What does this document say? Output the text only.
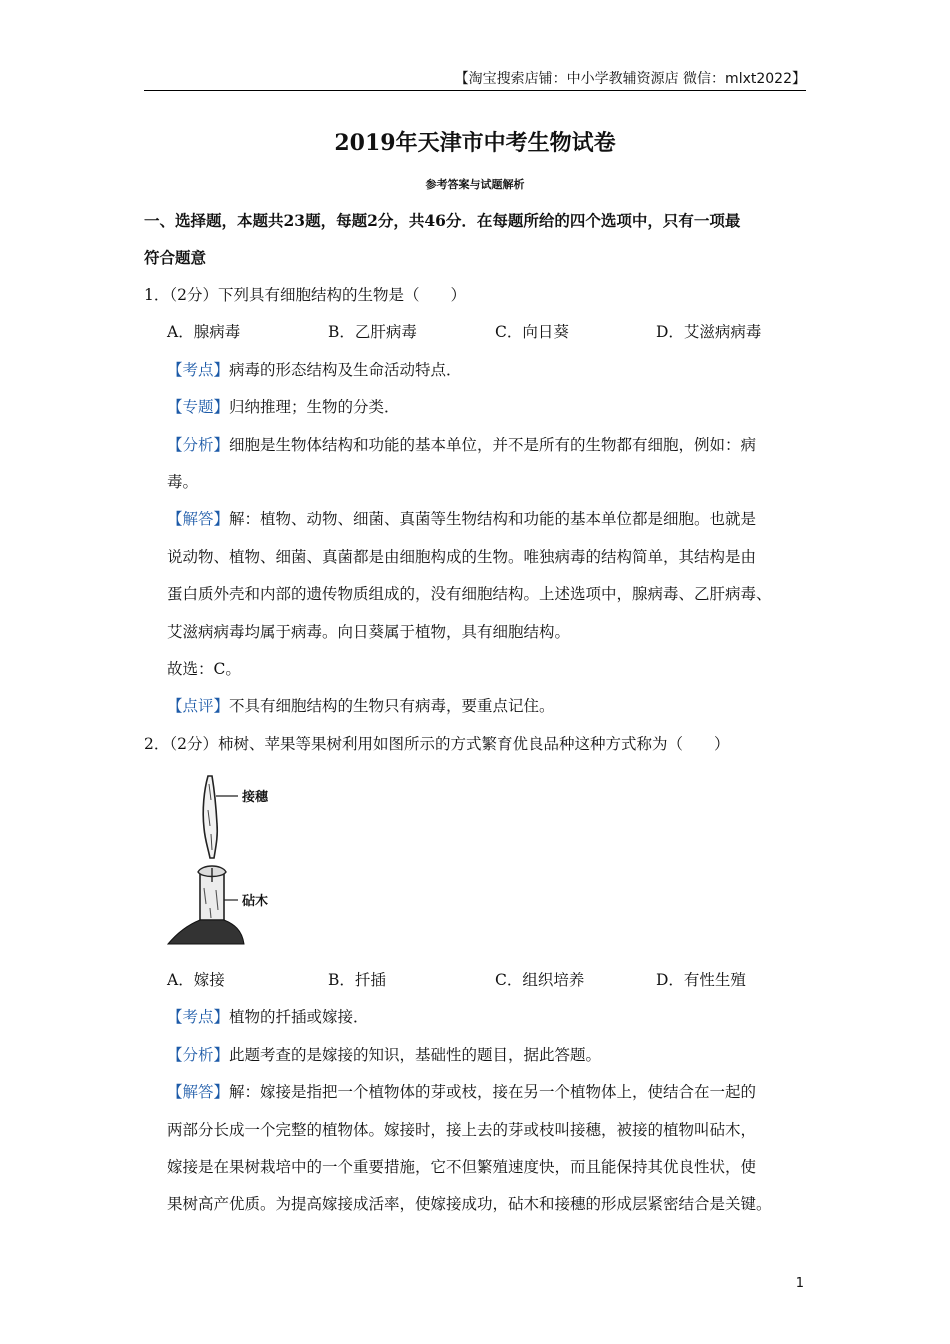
【淘宝搜索店铺：中小学教辅资源店 微信：mlxt2022】
2019年天津市中考生物试卷
参考答案与试题解析
一、选择题，本题共23题，每题2分，共46分．在每题所给的四个选项中，只有一项最
符合题意
1．（2分）下列具有细胞结构的生物是（　　）
A．腺病毒	B．乙肝病毒	C．向日葵	D．艾滋病病毒
【考点】病毒的形态结构及生命活动特点．
【专题】归纳推理；生物的分类．
【分析】细胞是生物体结构和功能的基本单位，并不是所有的生物都有细胞，例如：病
毒。
【解答】解：植物、动物、细菌、真菌等生物结构和功能的基本单位都是细胞。也就是
说动物、植物、细菌、真菌都是由细胞构成的生物。唯独病毒的结构简单，其结构是由
蛋白质外壳和内部的遗传物质组成的，没有细胞结构。上述选项中，腺病毒、乙肝病毒、
艾滋病病毒均属于病毒。向日葵属于植物，具有细胞结构。
故选：C。
【点评】不具有细胞结构的生物只有病毒，要重点记住。
2．（2分）柿树、苹果等果树利用如图所示的方式繁育优良品种这种方式称为（　　）
接穗
砧木
A．嫁接	B．扦插	C．组织培养	D．有性生殖
【考点】植物的扦插或嫁接．
【分析】此题考查的是嫁接的知识，基础性的题目，据此答题。
【解答】解：嫁接是指把一个植物体的芽或枝，接在另一个植物体上，使结合在一起的
两部分长成一个完整的植物体。嫁接时，接上去的芽或枝叫接穗，被接的植物叫砧木，
嫁接是在果树栽培中的一个重要措施，它不但繁殖速度快，而且能保持其优良性状，使
果树高产优质。为提高嫁接成活率，使嫁接成功，砧木和接穗的形成层紧密结合是关键。
1
